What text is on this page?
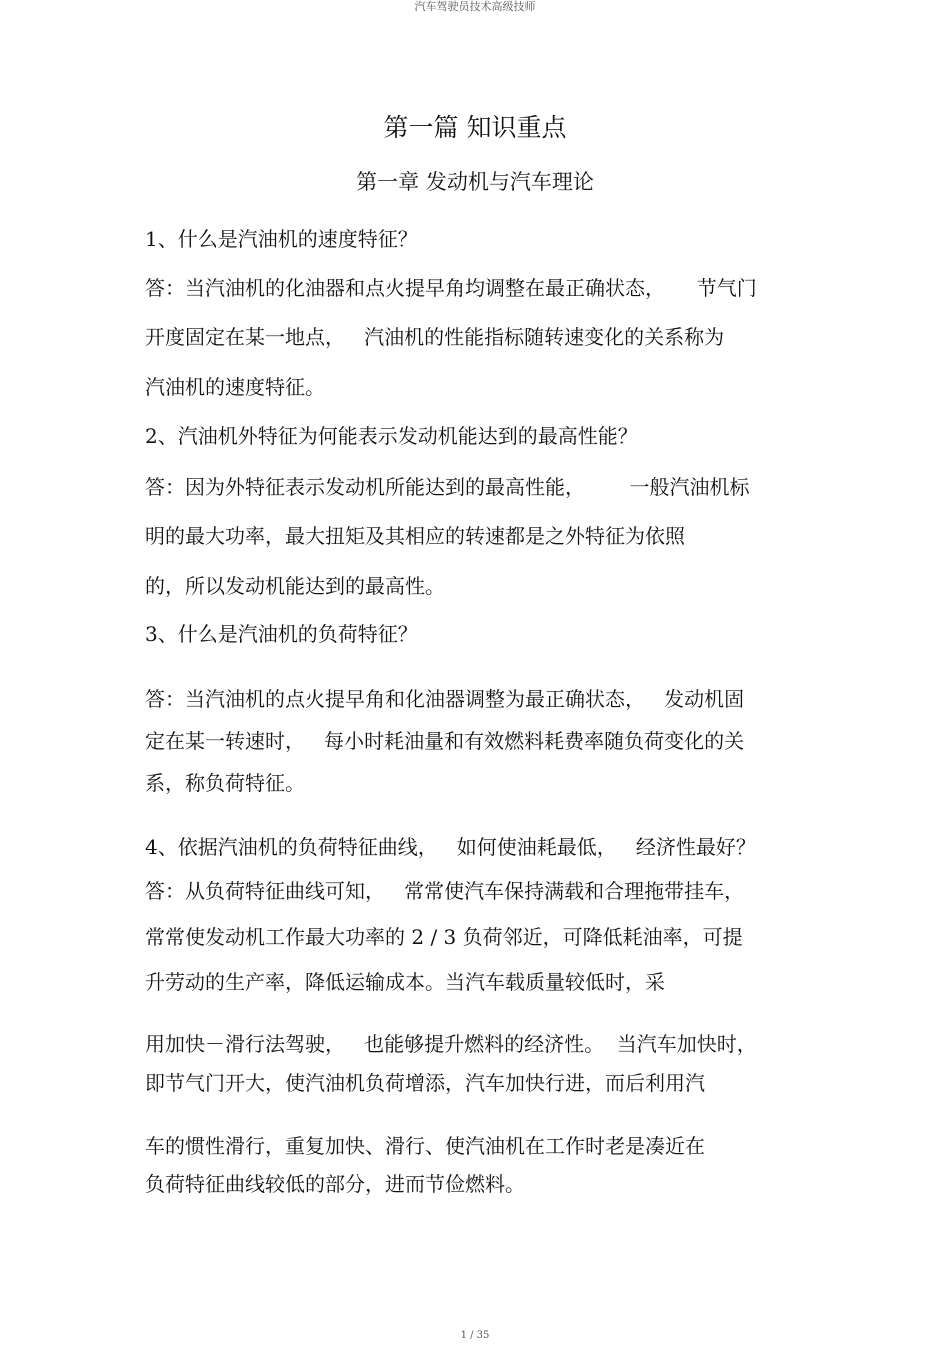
汽车驾驶员技术高级技师
第一篇 知识重点
第一章 发动机与汽车理论
1、什么是汽油机的速度特征？
答：当汽油机的化油器和点火提早角均调整在最正确状态，     节气门
开度固定在某一地点，   汽油机的性能指标随转速变化的关系称为
汽油机的速度特征。
2、汽油机外特征为何能表示发动机能达到的最高性能？
答：因为外特征表示发动机所能达到的最高性能，       一般汽油机标
明的最大功率，最大扭矩及其相应的转速都是之外特征为依照
的，所以发动机能达到的最高性。
3、什么是汽油机的负荷特征？
答：当汽油机的点火提早角和化油器调整为最正确状态，   发动机固
定在某一转速时，   每小时耗油量和有效燃料耗费率随负荷变化的关
系，称负荷特征。
4、依据汽油机的负荷特征曲线，   如何使油耗最低，   经济性最好？
答：从负荷特征曲线可知，   常常使汽车保持满载和合理拖带挂车，
常常使发动机工作最大功率的 2 / 3 负荷邻近，可降低耗油率，可提
升劳动的生产率，降低运输成本。当汽车载质量较低时，采
用加快－滑行法驾驶，   也能够提升燃料的经济性。  当汽车加快时，
即节气门开大，使汽油机负荷增添，汽车加快行进，而后利用汽
车的惯性滑行，重复加快、滑行、使汽油机在工作时老是凑近在
负荷特征曲线较低的部分，进而节俭燃料。
1 / 35
